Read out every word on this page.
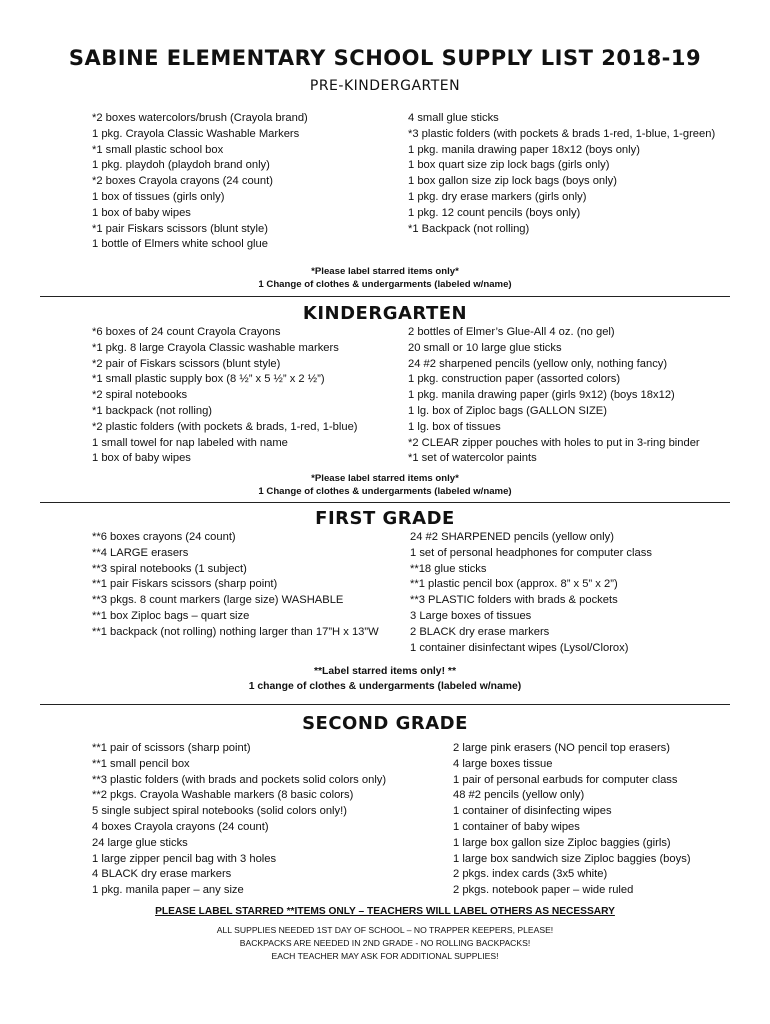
SABINE ELEMENTARY SCHOOL SUPPLY LIST 2018-19
PRE-KINDERGARTEN
*2 boxes watercolors/brush (Crayola brand)
1 pkg. Crayola Classic Washable Markers
*1 small plastic school box
1 pkg. playdoh (playdoh brand only)
*2 boxes Crayola crayons (24 count)
1 box of tissues (girls only)
1 box of baby wipes
*1 pair Fiskars scissors (blunt style)
1 bottle of Elmers white school glue
4 small glue sticks
*3 plastic folders (with pockets & brads 1-red, 1-blue, 1-green)
1 pkg. manila drawing paper 18x12 (boys only)
1 box quart size zip lock bags (girls only)
1 box gallon size zip lock bags (boys only)
1 pkg. dry erase markers (girls only)
1 pkg. 12 count pencils (boys only)
*1 Backpack (not rolling)
*Please label starred items only*
1 Change of clothes & undergarments (labeled w/name)
KINDERGARTEN
*6 boxes of 24 count Crayola Crayons
*1 pkg. 8 large Crayola Classic washable markers
*2 pair of Fiskars scissors (blunt style)
*1 small plastic supply box (8 ½” x 5 ½” x 2 ½”)
*2 spiral notebooks
*1 backpack (not rolling)
*2 plastic folders (with pockets & brads, 1-red, 1-blue)
1 small towel for nap labeled with name
1 box of baby wipes
2 bottles of Elmer’s Glue-All 4 oz. (no gel)
20 small or 10 large glue sticks
24 #2 sharpened pencils (yellow only, nothing fancy)
1 pkg. construction paper (assorted colors)
1 pkg. manila drawing paper (girls 9x12) (boys 18x12)
1 lg. box of Ziploc bags (GALLON SIZE)
1 lg. box of tissues
*2 CLEAR zipper pouches with holes to put in 3-ring binder
*1 set of watercolor paints
*Please label starred items only*
1 Change of clothes & undergarments (labeled w/name)
FIRST GRADE
**6 boxes crayons (24 count)
**4 LARGE erasers
**3 spiral notebooks (1 subject)
**1 pair Fiskars scissors (sharp point)
**3 pkgs. 8 count markers (large size) WASHABLE
**1 box Ziploc bags – quart size
**1 backpack (not rolling) nothing larger than 17”H x 13”W
24 #2 SHARPENED pencils (yellow only)
1 set of personal headphones for computer class
**18 glue sticks
**1 plastic pencil box (approx. 8” x 5” x 2”)
**3 PLASTIC folders with brads & pockets
3 Large boxes of tissues
2 BLACK dry erase markers
1 container disinfectant wipes (Lysol/Clorox)
**Label starred items only! **
1 change of clothes & undergarments (labeled w/name)
SECOND GRADE
**1 pair of scissors (sharp point)
**1 small pencil box
**3 plastic folders (with brads and pockets solid colors only)
**2 pkgs. Crayola Washable markers (8 basic colors)
5 single subject spiral notebooks (solid colors only!)
4 boxes Crayola crayons (24 count)
24 large glue sticks
1 large zipper pencil bag with 3 holes
4 BLACK dry erase markers
1 pkg. manila paper – any size
2 large pink erasers (NO pencil top erasers)
4 large boxes tissue
1 pair of personal earbuds for computer class
48 #2 pencils (yellow only)
1 container of disinfecting wipes
1 container of baby wipes
1 large box gallon size Ziploc baggies (girls)
1 large box sandwich size Ziploc baggies (boys)
2 pkgs. index cards (3x5 white)
2 pkgs. notebook paper – wide ruled
PLEASE LABEL STARRED **ITEMS ONLY – TEACHERS WILL LABEL OTHERS AS NECESSARY
ALL SUPPLIES NEEDED 1ST DAY OF SCHOOL – NO TRAPPER KEEPERS, PLEASE!
BACKPACKS ARE NEEDED IN 2ND GRADE - NO ROLLING BACKPACKS!
EACH TEACHER MAY ASK FOR ADDITIONAL SUPPLIES!
